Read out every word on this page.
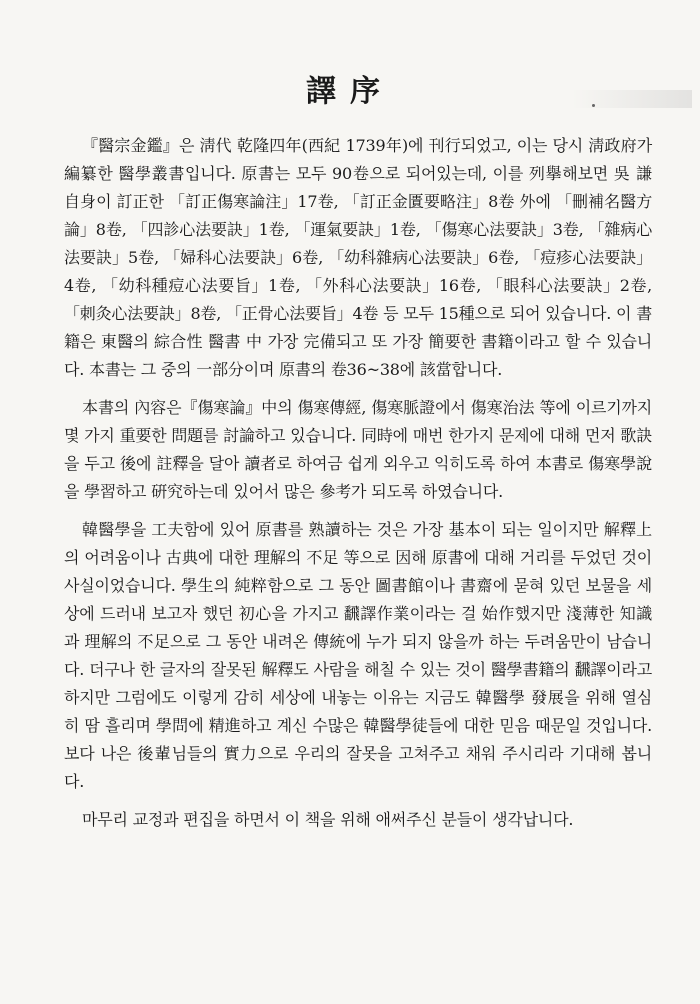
譯序

『醫宗金鑑』은 淸代 乾隆四年(西紀 1739年)에 刊行되었고, 이는 당시 淸政府가 編纂한 醫學叢書입니다. 原書는 모두 90卷으로 되어있는데, 이를 列擧해보면 吳 謙 自身이 訂正한 「訂正傷寒論注」17卷, 「訂正金匱要略注」8卷 外에 「刪補名醫方論」8卷, 「四診心法要訣」1卷, 「運氣要訣」1卷, 「傷寒心法要訣」3卷, 「雜病心法要訣」5卷, 「婦科心法要訣」6卷, 「幼科雜病心法要訣」6卷, 「痘疹心法要訣」4卷, 「幼科種痘心法要旨」1卷, 「外科心法要訣」16卷, 「眼科心法要訣」2卷, 「刺灸心法要訣」8卷, 「正骨心法要旨」4卷 등 모두 15種으로 되어 있습니다. 이 書籍은 東醫의 綜合性 醫書 中 가장 完備되고 또 가장 簡要한 書籍이라고 할 수 있습니다. 本書는 그 중의 一部分이며 原書의 卷36~38에 該當합니다.

本書의 內容은『傷寒論』中의 傷寒傳經, 傷寒脈證에서 傷寒治法 等에 이르기까지 몇 가지 重要한 問題를 討論하고 있습니다. 同時에 매번 한가지 문제에 대해 먼저 歌訣을 두고 後에 註釋을 달아 讀者로 하여금 쉽게 외우고 익히도록 하여 本書로 傷寒學說을 學習하고 硏究하는데 있어서 많은 參考가 되도록 하였습니다.

韓醫學을 工夫함에 있어 原書를 熟讀하는 것은 가장 基本이 되는 일이지만 解釋上의 어려움이나 古典에 대한 理解의 不足 等으로 因해 原書에 대해 거리를 두었던 것이 사실이었습니다. 學生의 純粹함으로 그 동안 圖書館이나 書齋에 묻혀 있던 보물을 세상에 드러내 보고자 했던 初心을 가지고 飜譯作業이라는 걸 始作했지만 淺薄한 知識과 理解의 不足으로 그 동안 내려온 傳統에 누가 되지 않을까 하는 두려움만이 남습니다. 더구나 한 글자의 잘못된 解釋도 사람을 해칠 수 있는 것이 醫學書籍의 飜譯이라고 하지만 그럼에도 이렇게 감히 세상에 내놓는 이유는 지금도 韓醫學 發展을 위해 열심히 땀 흘리며 學問에 精進하고 계신 수많은 韓醫學徒들에 대한 믿음 때문일 것입니다. 보다 나은 後輩님들의 實力으로 우리의 잘못을 고쳐주고 채워 주시리라 기대해 봅니다.

마무리 교정과 편집을 하면서 이 책을 위해 애써주신 분들이 생각납니다.
